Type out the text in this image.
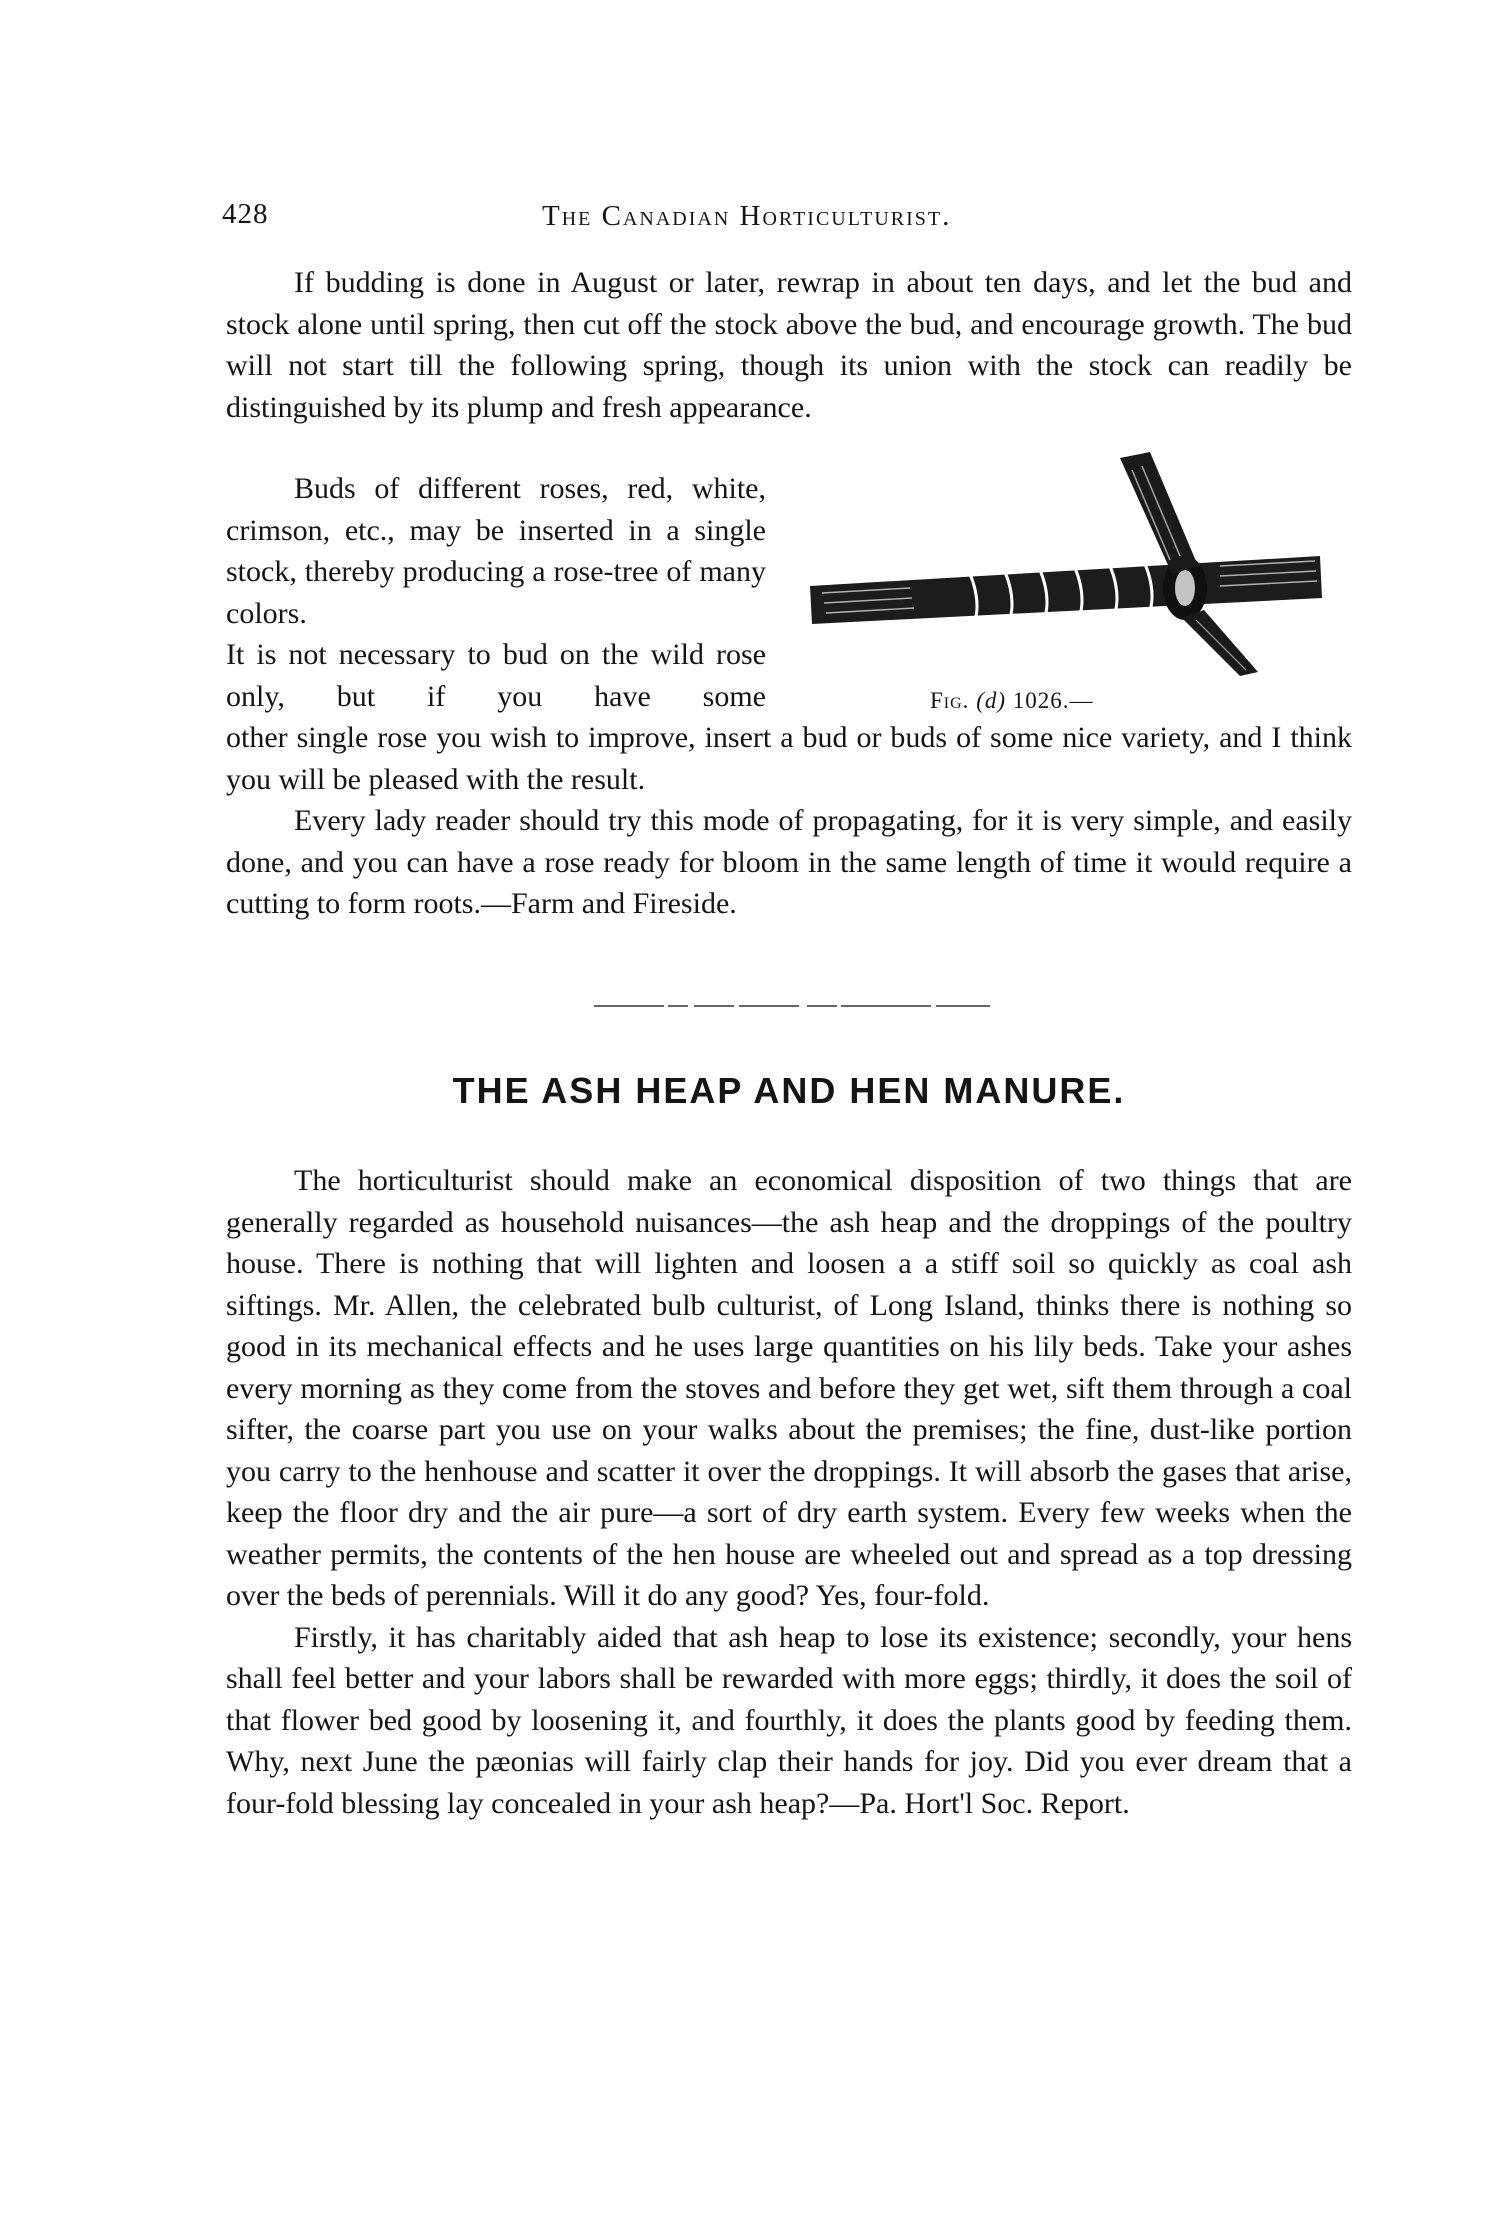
428	The Canadian Horticulturist.

If budding is done in August or later, rewrap in about ten days, and let the bud and stock alone until spring, then cut off the stock above the bud, and encourage growth. The bud will not start till the following spring, though its union with the stock can readily be distinguished by its plump and fresh appearance.

Buds of different roses, red, white, crimson, etc., may be inserted in a single stock, thereby producing a rose-tree of many colors.

It is not necessary to bud on the wild rose only, but if you have some	Fig. (d) 1026.—

other single rose you wish to improve, insert a bud or buds of some nice variety, and I think you will be pleased with the result.

Every lady reader should try this mode of propagating, for it is very simple, and easily done, and you can have a rose ready for bloom in the same length of time it would require a cutting to form roots.—Farm and Fireside.

THE ASH HEAP AND HEN MANURE.

The horticulturist should make an economical disposition of two things that are generally regarded as household nuisances—the ash heap and the droppings of the poultry house. There is nothing that will lighten and loosen a a stiff soil so quickly as coal ash siftings. Mr. Allen, the celebrated bulb culturist, of Long Island, thinks there is nothing so good in its mechanical effects and he uses large quantities on his lily beds. Take your ashes every morning as they come from the stoves and before they get wet, sift them through a coal sifter, the coarse part you use on your walks about the premises; the fine, dust-like portion you carry to the henhouse and scatter it over the droppings. It will absorb the gases that arise, keep the floor dry and the air pure—a sort of dry earth system. Every few weeks when the weather permits, the contents of the hen house are wheeled out and spread as a top dressing over the beds of perennials. Will it do any good? Yes, four-fold.

Firstly, it has charitably aided that ash heap to lose its existence; secondly, your hens shall feel better and your labors shall be rewarded with more eggs; thirdly, it does the soil of that flower bed good by loosening it, and fourthly, it does the plants good by feeding them. Why, next June the pæonias will fairly clap their hands for joy. Did you ever dream that a four-fold blessing lay concealed in your ash heap?—Pa. Hort'l Soc. Report.
